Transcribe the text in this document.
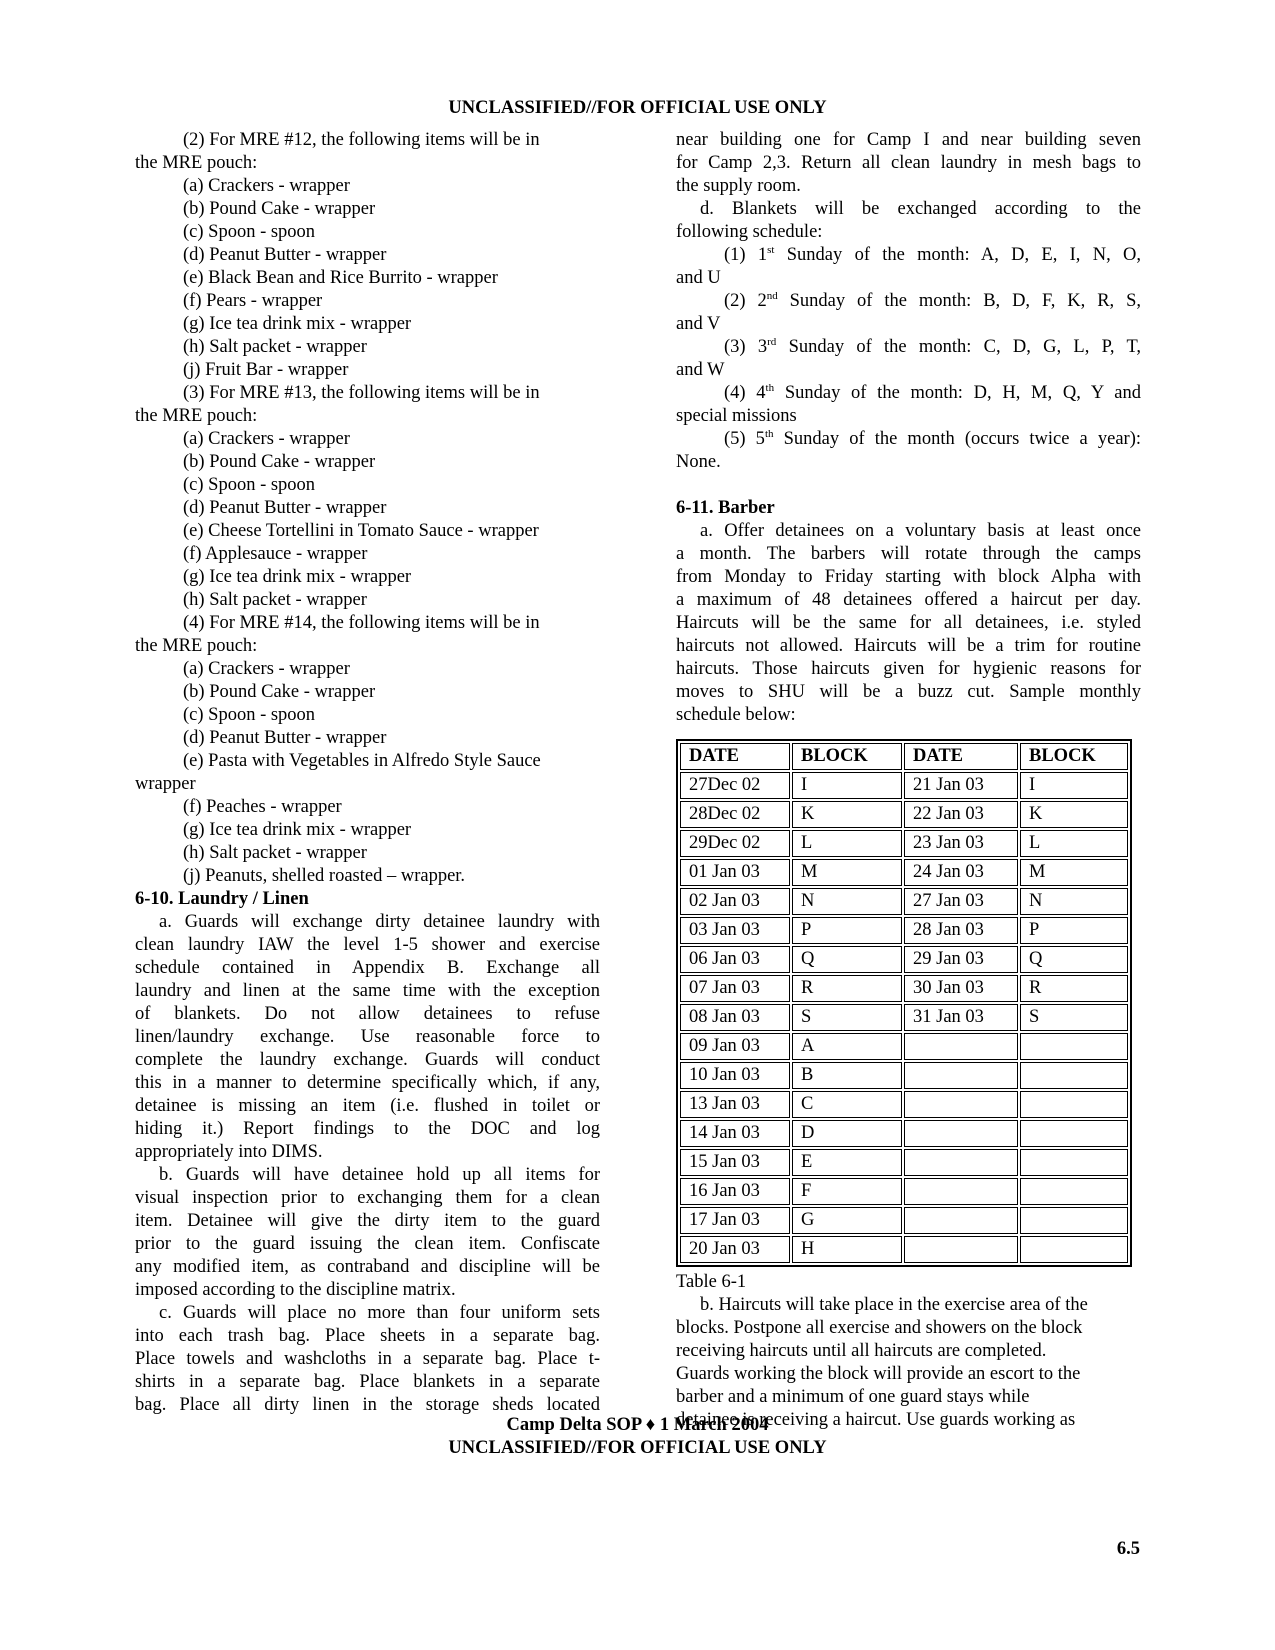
UNCLASSIFIED//FOR OFFICIAL USE ONLY
(2) For MRE #12, the following items will be in
the MRE pouch:
(a) Crackers - wrapper
(b) Pound Cake - wrapper
(c) Spoon - spoon
(d) Peanut Butter - wrapper
(e) Black Bean and Rice Burrito - wrapper
(f) Pears - wrapper
(g) Ice tea drink mix - wrapper
(h) Salt packet - wrapper
(j) Fruit Bar - wrapper
(3) For MRE #13, the following items will be in
the MRE pouch:
(a) Crackers - wrapper
(b) Pound Cake - wrapper
(c) Spoon - spoon
(d) Peanut Butter - wrapper
(e) Cheese Tortellini in Tomato Sauce - wrapper
(f) Applesauce - wrapper
(g) Ice tea drink mix - wrapper
(h) Salt packet - wrapper
(4) For MRE #14, the following items will be in
the MRE pouch:
(a) Crackers - wrapper
(b) Pound Cake - wrapper
(c) Spoon - spoon
(d) Peanut Butter - wrapper
(e) Pasta with Vegetables in Alfredo Style Sauce
wrapper
(f) Peaches - wrapper
(g) Ice tea drink mix - wrapper
(h) Salt packet - wrapper
(j) Peanuts, shelled roasted – wrapper.
6-10. Laundry / Linen
a. Guards will exchange dirty detainee laundry with
clean laundry IAW the level 1-5 shower and exercise
schedule contained in Appendix B. Exchange all
laundry and linen at the same time with the exception
of blankets. Do not allow detainees to refuse
linen/laundry exchange. Use reasonable force to
complete the laundry exchange. Guards will conduct
this in a manner to determine specifically which, if any,
detainee is missing an item (i.e. flushed in toilet or
hiding it.) Report findings to the DOC and log
appropriately into DIMS.
b. Guards will have detainee hold up all items for
visual inspection prior to exchanging them for a clean
item. Detainee will give the dirty item to the guard
prior to the guard issuing the clean item. Confiscate
any modified item, as contraband and discipline will be
imposed according to the discipline matrix.
c. Guards will place no more than four uniform sets
into each trash bag. Place sheets in a separate bag.
Place towels and washcloths in a separate bag. Place t-
shirts in a separate bag. Place blankets in a separate
bag. Place all dirty linen in the storage sheds located
near building one for Camp I and near building seven
for Camp 2,3. Return all clean laundry in mesh bags to
the supply room.
d. Blankets will be exchanged according to the
following schedule:
(1) 1st Sunday of the month: A, D, E, I, N, O,
and U
(2) 2nd Sunday of the month: B, D, F, K, R, S,
and V
(3) 3rd Sunday of the month: C, D, G, L, P, T,
and W
(4) 4th Sunday of the month: D, H, M, Q, Y and
special missions
(5) 5th Sunday of the month (occurs twice a year):
None.
6-11. Barber
a. Offer detainees on a voluntary basis at least once
a month. The barbers will rotate through the camps
from Monday to Friday starting with block Alpha with
a maximum of 48 detainees offered a haircut per day.
Haircuts will be the same for all detainees, i.e. styled
haircuts not allowed. Haircuts will be a trim for routine
haircuts. Those haircuts given for hygienic reasons for
moves to SHU will be a buzz cut. Sample monthly
schedule below:
DATE	BLOCK	DATE	BLOCK
27Dec 02	I	21 Jan 03	I
28Dec 02	K	22 Jan 03	K
29Dec 02	L	23 Jan 03	L
01 Jan 03	M	24 Jan 03	M
02 Jan 03	N	27 Jan 03	N
03 Jan 03	P	28 Jan 03	P
06 Jan 03	Q	29 Jan 03	Q
07 Jan 03	R	30 Jan 03	R
08 Jan 03	S	31 Jan 03	S
09 Jan 03	A		
10 Jan 03	B		
13 Jan 03	C		
14 Jan 03	D		
15 Jan 03	E		
16 Jan 03	F		
17 Jan 03	G		
20 Jan 03	H		
Table 6-1
b. Haircuts will take place in the exercise area of the
blocks. Postpone all exercise and showers on the block
receiving haircuts until all haircuts are completed.
Guards working the block will provide an escort to the
barber and a minimum of one guard stays while
detainee is receiving a haircut. Use guards working as
Camp Delta SOP ♦ 1 March 2004
UNCLASSIFIED//FOR OFFICIAL USE ONLY
6.5
